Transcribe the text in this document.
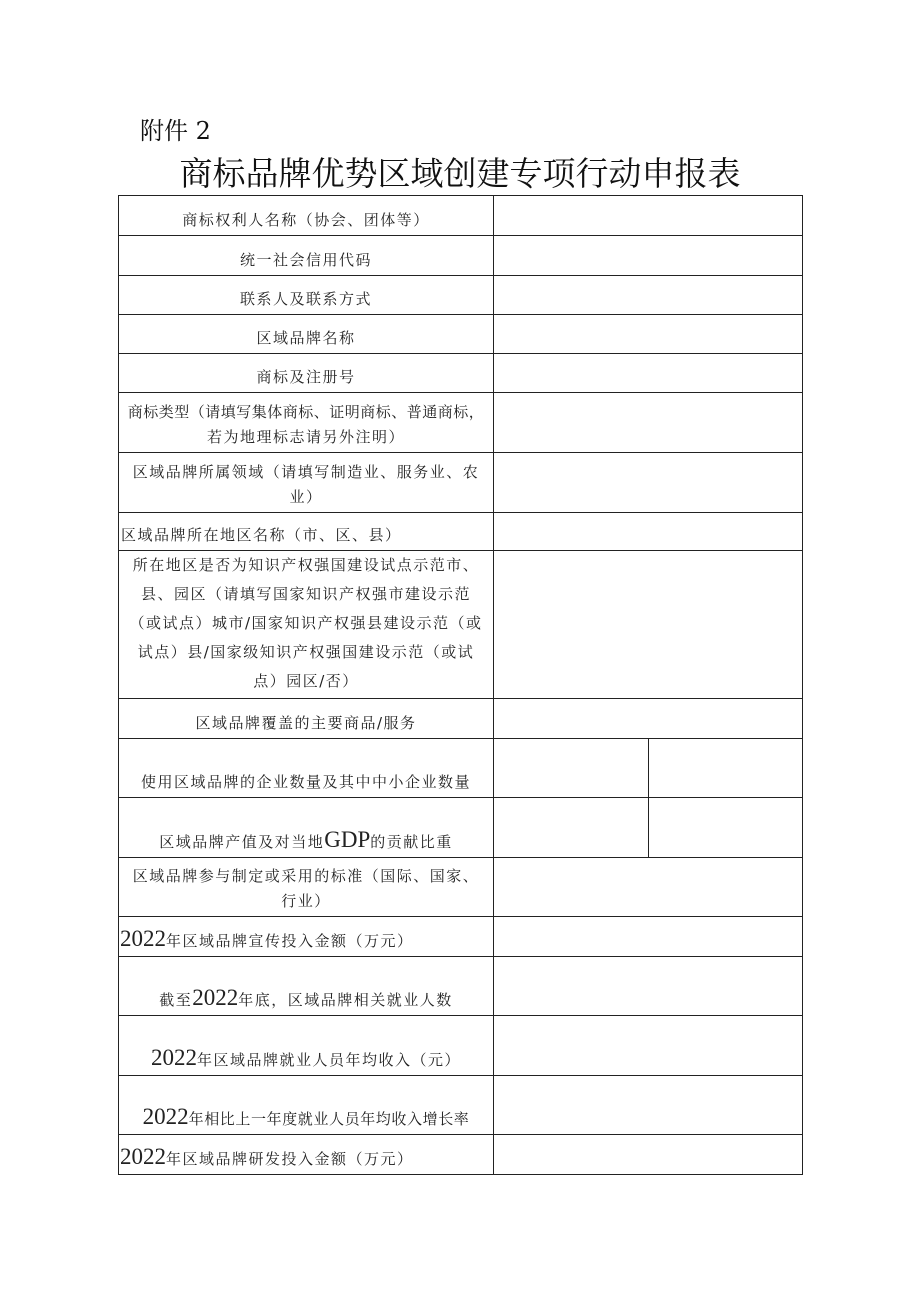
附件 2
商标品牌优势区域创建专项行动申报表
商标权利人名称（协会、团体等）		
统一社会信用代码		
联系人及联系方式		
区域品牌名称		
商标及注册号		

商标类型（请填写集体商标、证明商标、普通商标，
若为地理标志请另外注明）		

区域品牌所属领域（请填写制造业、服务业、农
业）		

区域品牌所在地区名称（市、区、县）		

所在地区是否为知识产权强国建设试点示范市、
县、园区（请填写国家知识产权强市建设示范
（或试点）城市/国家知识产权强县建设示范（或
试点）县/国家级知识产权强国建设示范（或试
点）园区/否）		

区域品牌覆盖的主要商品/服务		
使用区域品牌的企业数量及其中中小企业数量		
区域品牌产值及对当地GDP的贡献比重		

区域品牌参与制定或采用的标准（国际、国家、
行业）		

2022年区域品牌宣传投入金额（万元）		
截至2022年底，区域品牌相关就业人数		
2022年区域品牌就业人员年均收入（元）		
2022年相比上一年度就业人员年均收入增长率		
2022年区域品牌研发投入金额（万元）		
